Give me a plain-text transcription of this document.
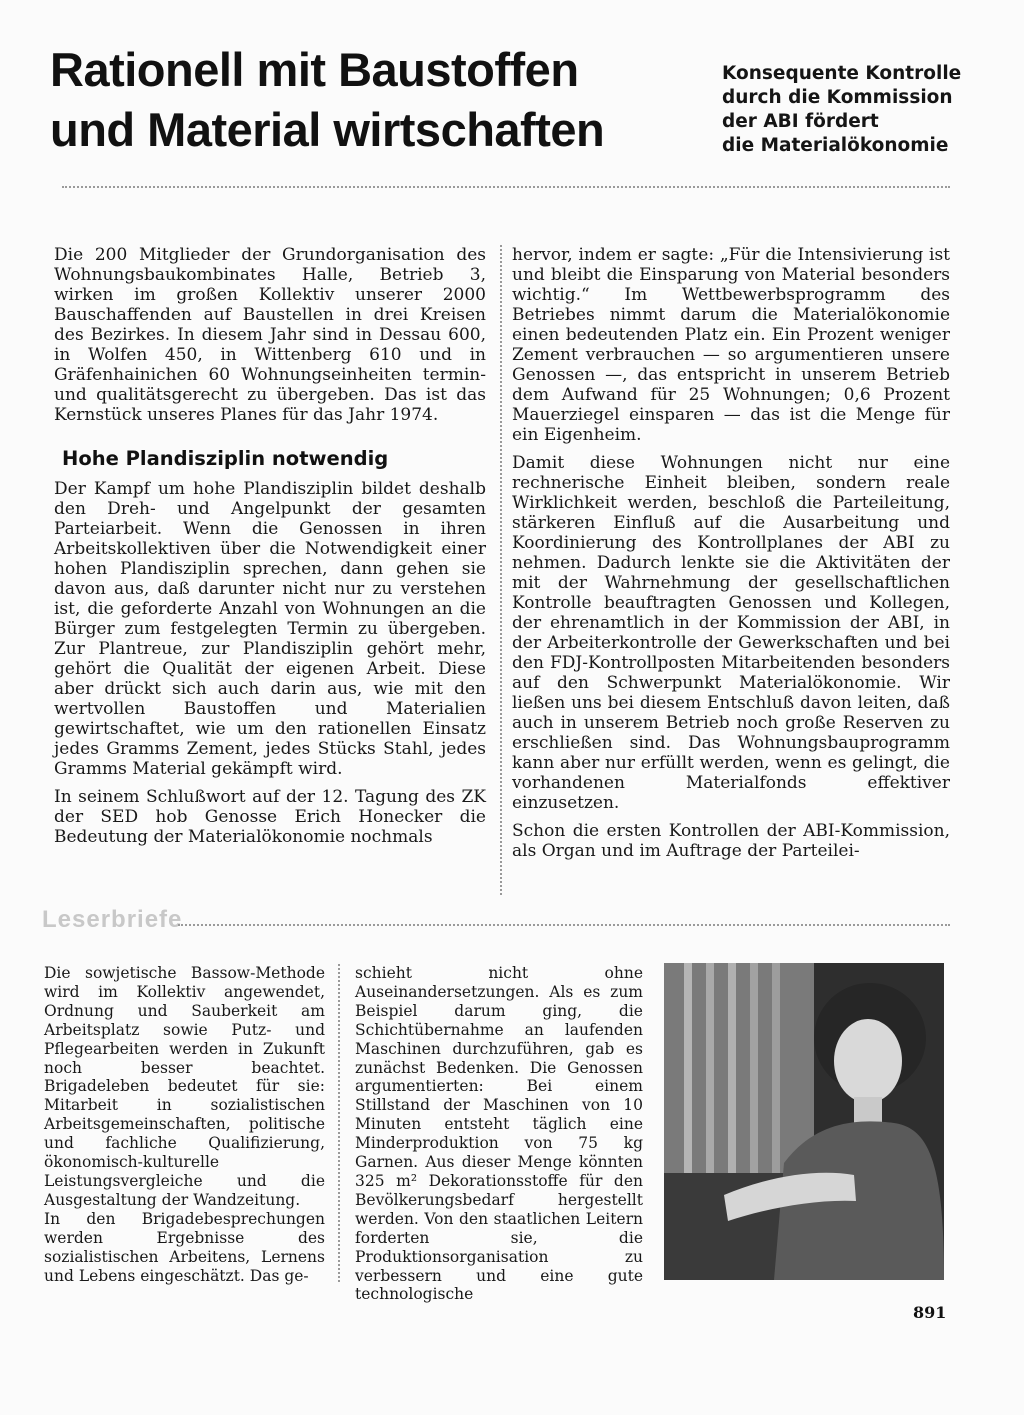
Rationell mit Baustoffen
und Material wirtschaften
Konsequente Kontrolle
durch die Kommission
der ABI fördert
die Materialökonomie

Die 200 Mitglieder der Grundorganisation des Wohnungsbaukombinates Halle, Betrieb 3, wirken im großen Kollektiv unserer 2000 Bauschaffenden auf Baustellen in drei Kreisen des Bezirkes. In diesem Jahr sind in Dessau 600, in Wolfen 450, in Wittenberg 610 und in Gräfenhainichen 60 Wohnungseinheiten termin- und qualitätsgerecht zu übergeben. Das ist das Kernstück unseres Planes für das Jahr 1974.

Hohe Plandisziplin notwendig

Der Kampf um hohe Plandisziplin bildet deshalb den Dreh- und Angelpunkt der gesamten Parteiarbeit. Wenn die Genossen in ihren Arbeitskollektiven über die Notwendigkeit einer hohen Plandisziplin sprechen, dann gehen sie davon aus, daß darunter nicht nur zu verstehen ist, die geforderte Anzahl von Wohnungen an die Bürger zum festgelegten Termin zu übergeben. Zur Plantreue, zur Plandisziplin gehört mehr, gehört die Qualität der eigenen Arbeit. Diese aber drückt sich auch darin aus, wie mit den wertvollen Baustoffen und Materialien gewirtschaftet, wie um den rationellen Einsatz jedes Gramms Zement, jedes Stücks Stahl, jedes Gramms Material gekämpft wird.

In seinem Schlußwort auf der 12. Tagung des ZK der SED hob Genosse Erich Honecker die Bedeutung der Materialökonomie nochmals

hervor, indem er sagte: „Für die Intensivierung ist und bleibt die Einsparung von Material besonders wichtig.“ Im Wettbewerbsprogramm des Betriebes nimmt darum die Materialökonomie einen bedeutenden Platz ein. Ein Prozent weniger Zement verbrauchen — so argumentieren unsere Genossen —, das entspricht in unserem Betrieb dem Aufwand für 25 Wohnungen; 0,6 Prozent Mauerziegel einsparen — das ist die Menge für ein Eigenheim.

Damit diese Wohnungen nicht nur eine rechnerische Einheit bleiben, sondern reale Wirklichkeit werden, beschloß die Parteileitung, stärkeren Einfluß auf die Ausarbeitung und Koordinierung des Kontrollplanes der ABI zu nehmen. Dadurch lenkte sie die Aktivitäten der mit der Wahrnehmung der gesellschaftlichen Kontrolle beauftragten Genossen und Kollegen, der ehrenamtlich in der Kommission der ABI, in der Arbeiterkontrolle der Gewerkschaften und bei den FDJ-Kontrollposten Mitarbeitenden besonders auf den Schwerpunkt Materialökonomie. Wir ließen uns bei diesem Entschluß davon leiten, daß auch in unserem Betrieb noch große Reserven zu erschließen sind. Das Wohnungsbauprogramm kann aber nur erfüllt werden, wenn es gelingt, die vorhandenen Materialfonds effektiver einzusetzen.

Schon die ersten Kontrollen der ABI-Kommission, als Organ und im Auftrage der Parteilei-

Leserbriefe

Die sowjetische Bassow-Methode wird im Kollektiv angewendet, Ordnung und Sauberkeit am Arbeitsplatz sowie Putz- und Pflegearbeiten werden in Zukunft noch besser beachtet. Brigadeleben bedeutet für sie: Mitarbeit in sozialistischen Arbeitsgemeinschaften, politische und fachliche Qualifizierung, ökonomisch-kulturelle Leistungsvergleiche und die Ausgestaltung der Wandzeitung.

In den Brigadebesprechungen werden Ergebnisse des sozialistischen Arbeitens, Lernens und Lebens eingeschätzt. Das ge-

schieht nicht ohne Auseinandersetzungen. Als es zum Beispiel darum ging, die Schichtübernahme an laufenden Maschinen durchzuführen, gab es zunächst Bedenken. Die Genossen argumentierten: Bei einem Stillstand der Maschinen von 10 Minuten entsteht täglich eine Minderproduktion von 75 kg Garnen. Aus dieser Menge könnten 325 m² Dekorationsstoffe für den Bevölkerungsbedarf hergestellt werden. Von den staatlichen Leitern forderten sie, die Produktionsorganisation zu verbessern und eine gute technologische

891
